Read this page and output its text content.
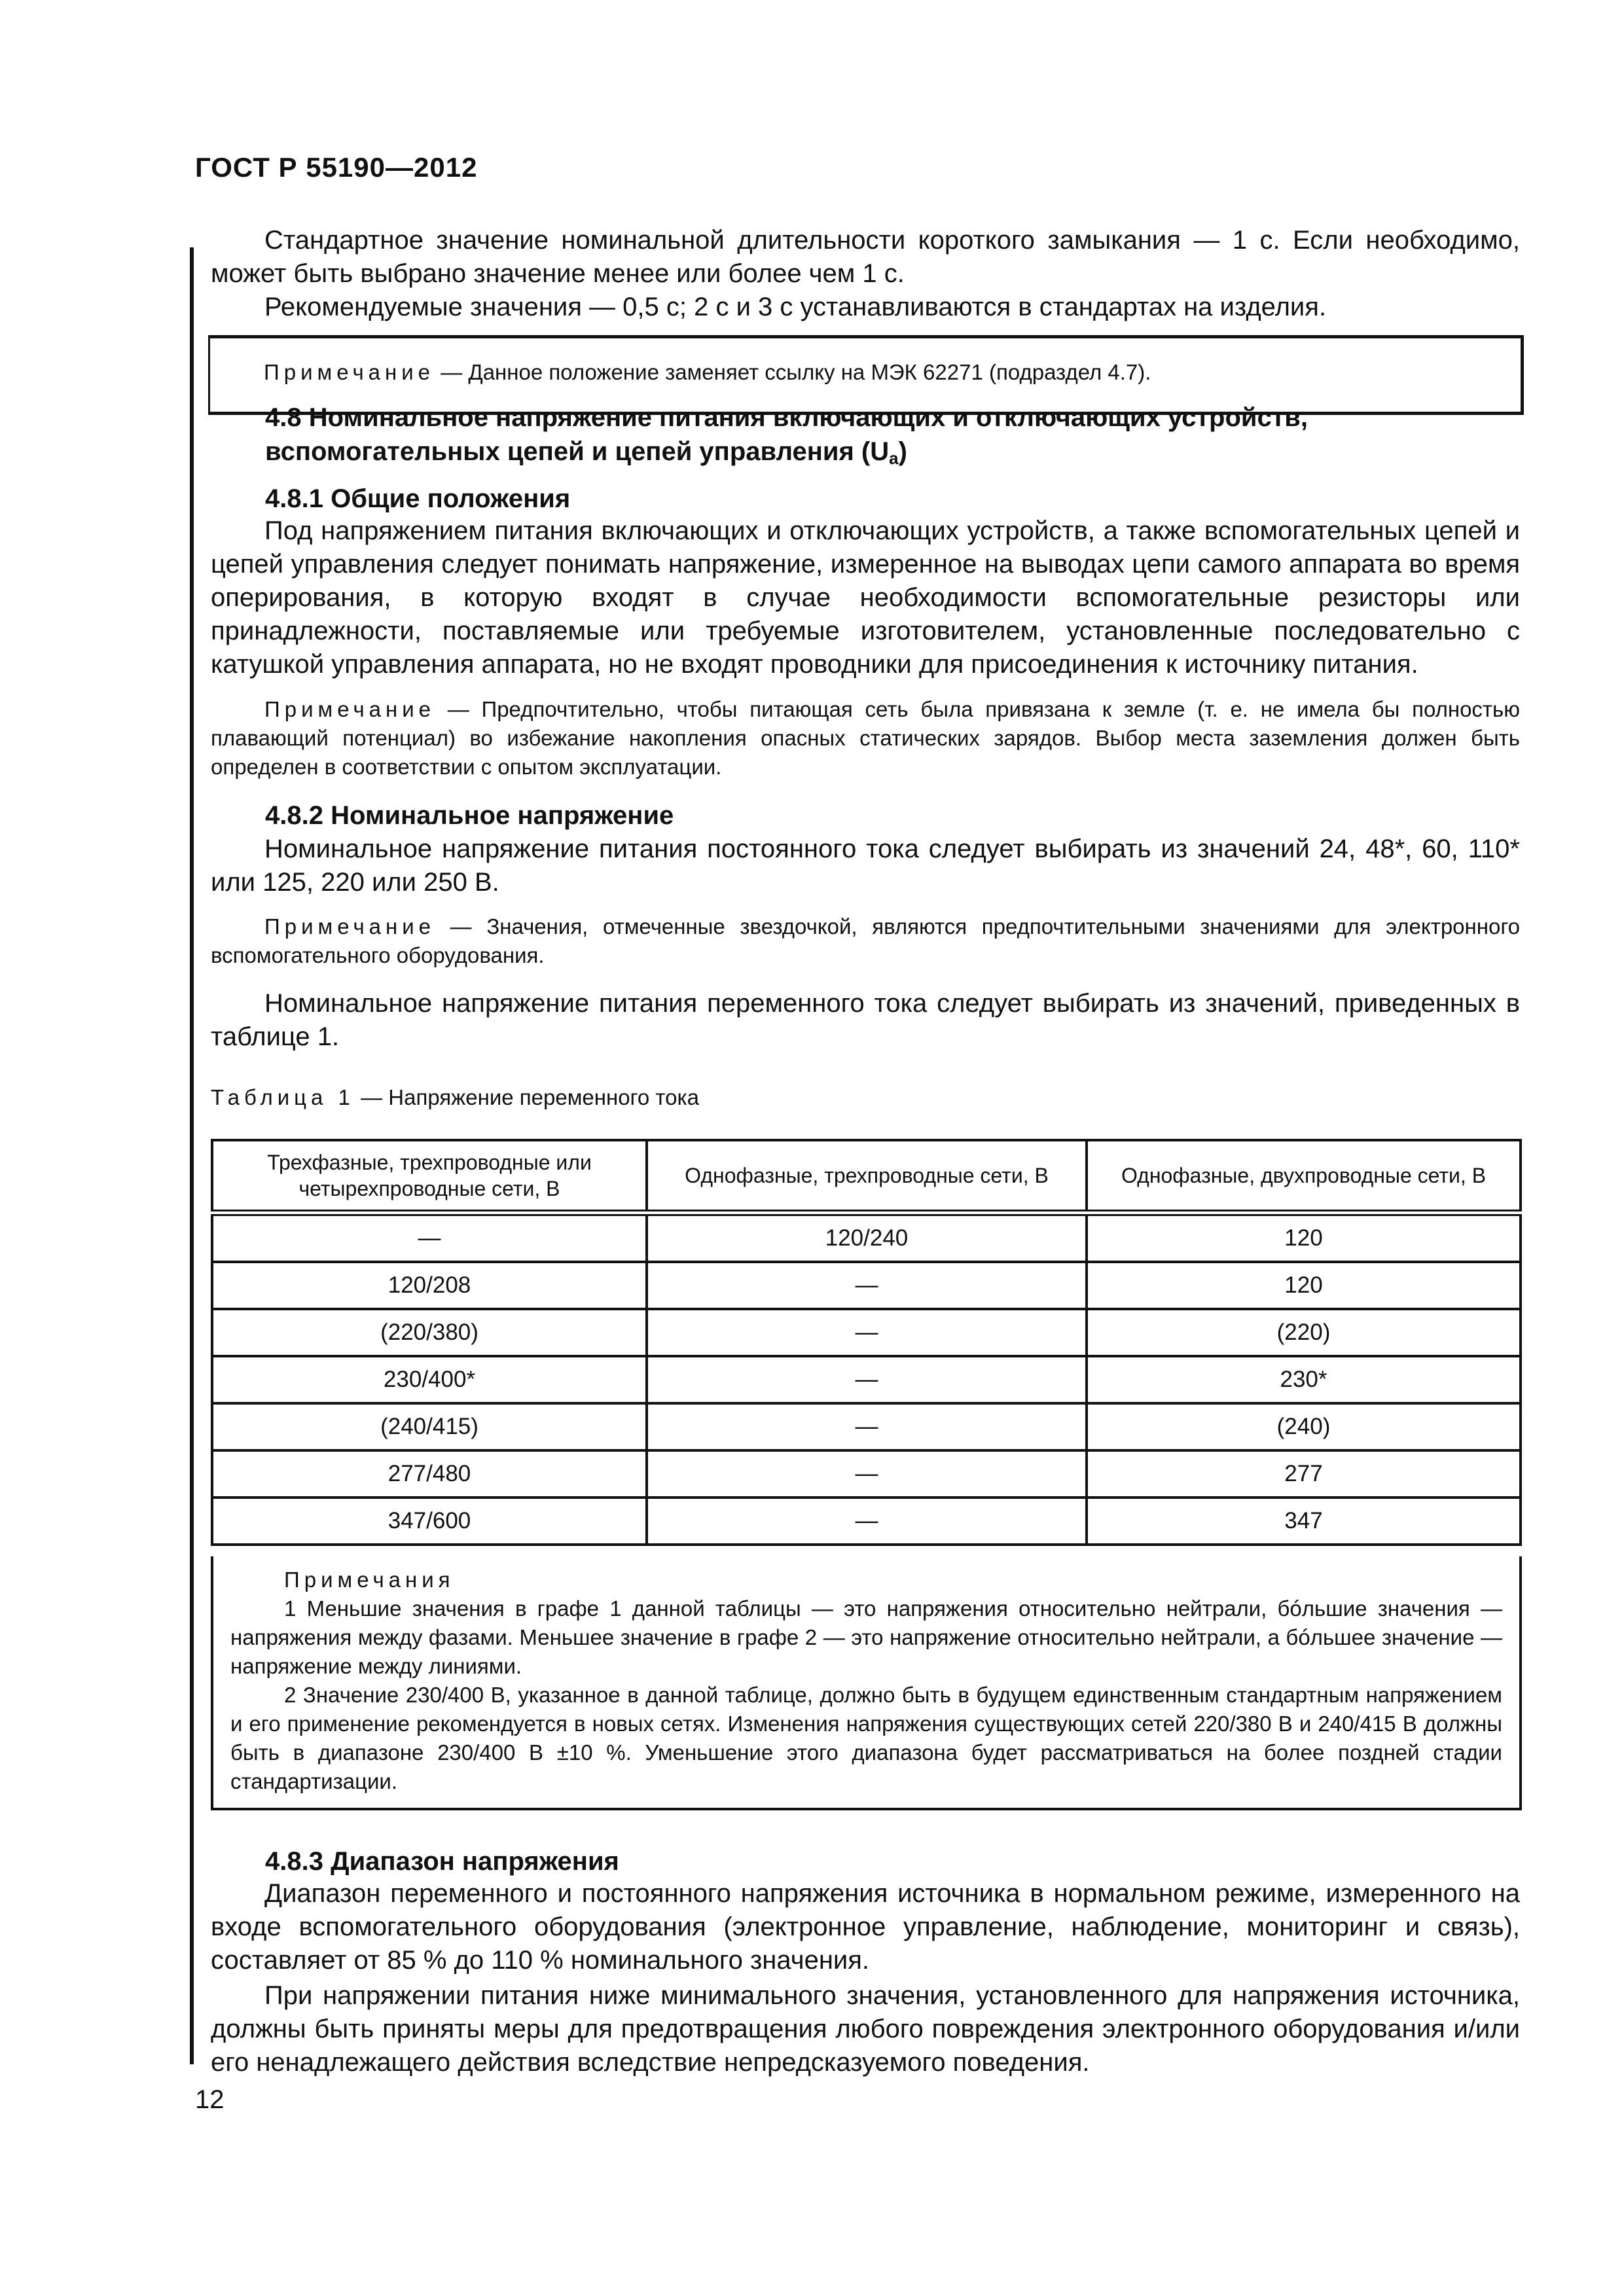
ГОСТ Р 55190—2012
Стандартное значение номинальной длительности короткого замыкания — 1 с. Если необходимо, может быть выбрано значение менее или более чем 1 с.
Рекомендуемые значения — 0,5 с; 2 с и 3 с устанавливаются в стандартах на изделия.
Примечание — Данное положение заменяет ссылку на МЭК 62271 (подраздел 4.7).
4.8 Номинальное напряжение питания включающих и отключающих устройств, вспомогательных цепей и цепей управления $(U_a)$
4.8.1 Общие положения
Под напряжением питания включающих и отключающих устройств, а также вспомогательных цепей и цепей управления следует понимать напряжение, измеренное на выводах цепи самого аппарата во время оперирования, в которую входят в случае необходимости вспомогательные резисторы или принадлежности, поставляемые или требуемые изготовителем, установленные последовательно с катушкой управления аппарата, но не входят проводники для присоединения к источнику питания.
Примечание — Предпочтительно, чтобы питающая сеть была привязана к земле (т. е. не имела бы полностью плавающий потенциал) во избежание накопления опасных статических зарядов. Выбор места заземления должен быть определен в соответствии с опытом эксплуатации.
4.8.2 Номинальное напряжение
Номинальное напряжение питания постоянного тока следует выбирать из значений 24, 48*, 60, 110* или 125, 220 или 250 В.
Примечание — Значения, отмеченные звездочкой, являются предпочтительными значениями для электронного вспомогательного оборудования.
Номинальное напряжение питания переменного тока следует выбирать из значений, приведенных в таблице 1.
Таблица 1 — Напряжение переменного тока
Трехфазные, трехпроводные или четырехпроводные сети, В	Однофазные, трехпроводные сети, В	Однофазные, двухпроводные сети, В
—	120/240	120
120/208	—	120
(220/380)	—	(220)
230/400*	—	230*
(240/415)	—	(240)
277/480	—	277
347/600	—	347
Примечания
1 Меньшие значения в графе 1 данной таблицы — это напряжения относительно нейтрали, бóльшие значения — напряжения между фазами. Меньшее значение в графе 2 — это напряжение относительно нейтрали, а бóльшее значение — напряжение между линиями.
2 Значение 230/400 В, указанное в данной таблице, должно быть в будущем единственным стандартным напряжением и его применение рекомендуется в новых сетях. Изменения напряжения существующих сетей 220/380 В и 240/415 В должны быть в диапазоне 230/400 В ±10 %. Уменьшение этого диапазона будет рассматриваться на более поздней стадии стандартизации.
4.8.3 Диапазон напряжения
Диапазон переменного и постоянного напряжения источника в нормальном режиме, измеренного на входе вспомогательного оборудования (электронное управление, наблюдение, мониторинг и связь), составляет от 85 % до 110 % номинального значения.
При напряжении питания ниже минимального значения, установленного для напряжения источника, должны быть приняты меры для предотвращения любого повреждения электронного оборудования и/или его ненадлежащего действия вследствие непредсказуемого поведения.
12
